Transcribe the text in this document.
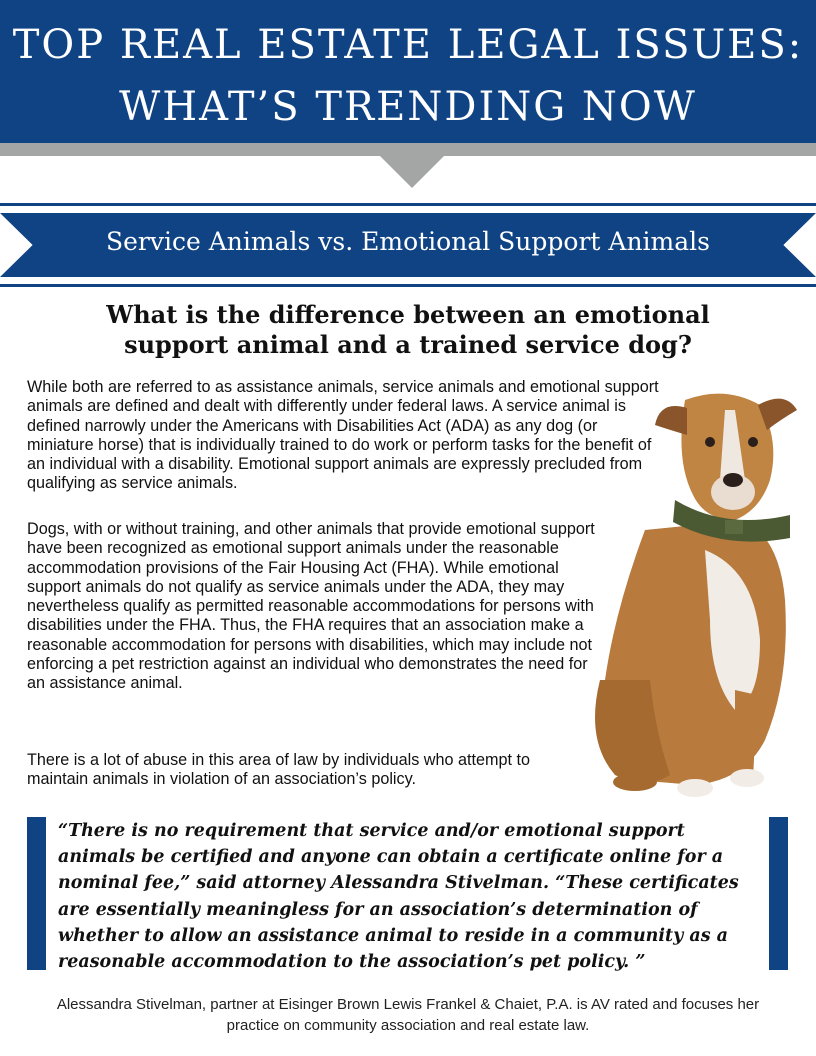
TOP REAL ESTATE LEGAL ISSUES:
WHAT’S TRENDING NOW
Service Animals vs. Emotional Support Animals
What is the difference between an emotional
support animal and a trained service dog?

While both are referred to as assistance animals, service animals and emotional support animals are defined and dealt with differently under federal laws. A service animal is defined narrowly under the Americans with Disabilities Act (ADA) as any dog (or miniature horse) that is individually trained to do work or perform tasks for the benefit of an individual with a disability. Emotional support animals are expressly precluded from qualifying as service animals.

Dogs, with or without training, and other animals that provide emotional support have been recognized as emotional support animals under the reasonable accommodation provisions of the Fair Housing Act (FHA). While emotional support animals do not qualify as service animals under the ADA, they may nevertheless qualify as permitted reasonable accommodations for persons with disabilities under the FHA. Thus, the FHA requires that an association make a reasonable accommodation for persons with disabilities, which may include not enforcing a pet restriction against an individual who demonstrates the need for an assistance animal.

There is a lot of abuse in this area of law by individuals who attempt to maintain animals in violation of an association’s policy.

“There is no requirement that service and/or emotional support animals be certified and anyone can obtain a certificate online for a nominal fee,” said attorney Alessandra Stivelman. “These certificates are essentially meaningless for an association’s determination of whether to allow an assistance animal to reside in a community as a reasonable accommodation to the association’s pet policy. ”

Alessandra Stivelman, partner at Eisinger Brown Lewis Frankel & Chaiet, P.A. is AV rated and focuses her practice on community association and real estate law.
